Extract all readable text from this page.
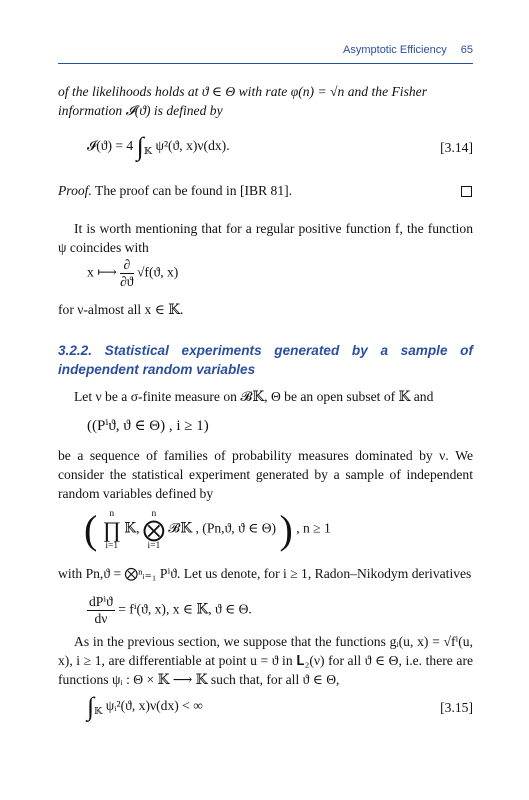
Asymptotic Efficiency 65
of the likelihoods holds at ϑ ∈ Θ with rate φ(n) = √n and the Fisher
information 𝓘(ϑ) is defined by
𝓘(ϑ) = 4 $\int_𝕂$ ψ²(ϑ, x)ν(dx).	[3.14]
Proof. The proof can be found in [IBR 81].
It is worth mentioning that for a regular positive function f, the function ψ coincides with
x ⟼ $\frac{\partial}{\partial ϑ} √f(ϑ$, x)
for ν-almost all x ∈ 𝕂.
3.2.2. Statistical experiments generated by a sample of independent random variables
Let ν be a σ-finite measure on 𝓑𝕂, Θ be an open subset of 𝕂 and
((Pⁱϑ, ϑ ∈ Θ) , i ≥ 1)
be a sequence of families of probability measures dominated by ν. We consider the statistical experiment generated by a sample of independent random variables defined by
(	n
∏
i=1
𝕂,
n
⨂
i=1
𝓑𝕂 , (Pn,ϑ, ϑ ∈ Θ) ) , n ≥ 1
with Pn,ϑ = ⨂ⁿᵢ₌₁ Pⁱϑ. Let us denote, for i ≥ 1, Radon–Nikodym derivatives
$\frac{\text{dPⁱϑ}}{d\nu} = f^i(ϑ$, x), x ∈ 𝕂, ϑ ∈ Θ.
As in the previous section, we suppose that the functions gᵢ(u, x) = √fⁱ(u, x), i ≥ 1, are differentiable at point u = ϑ in 𝐋₂(ν) for all ϑ ∈ Θ, i.e. there are functions ψᵢ : Θ × 𝕂 ⟶ 𝕂 such that, for all ϑ ∈ Θ,
$\int_𝕂$ ψᵢ²(ϑ, x)ν(dx) < ∞	[3.15]
